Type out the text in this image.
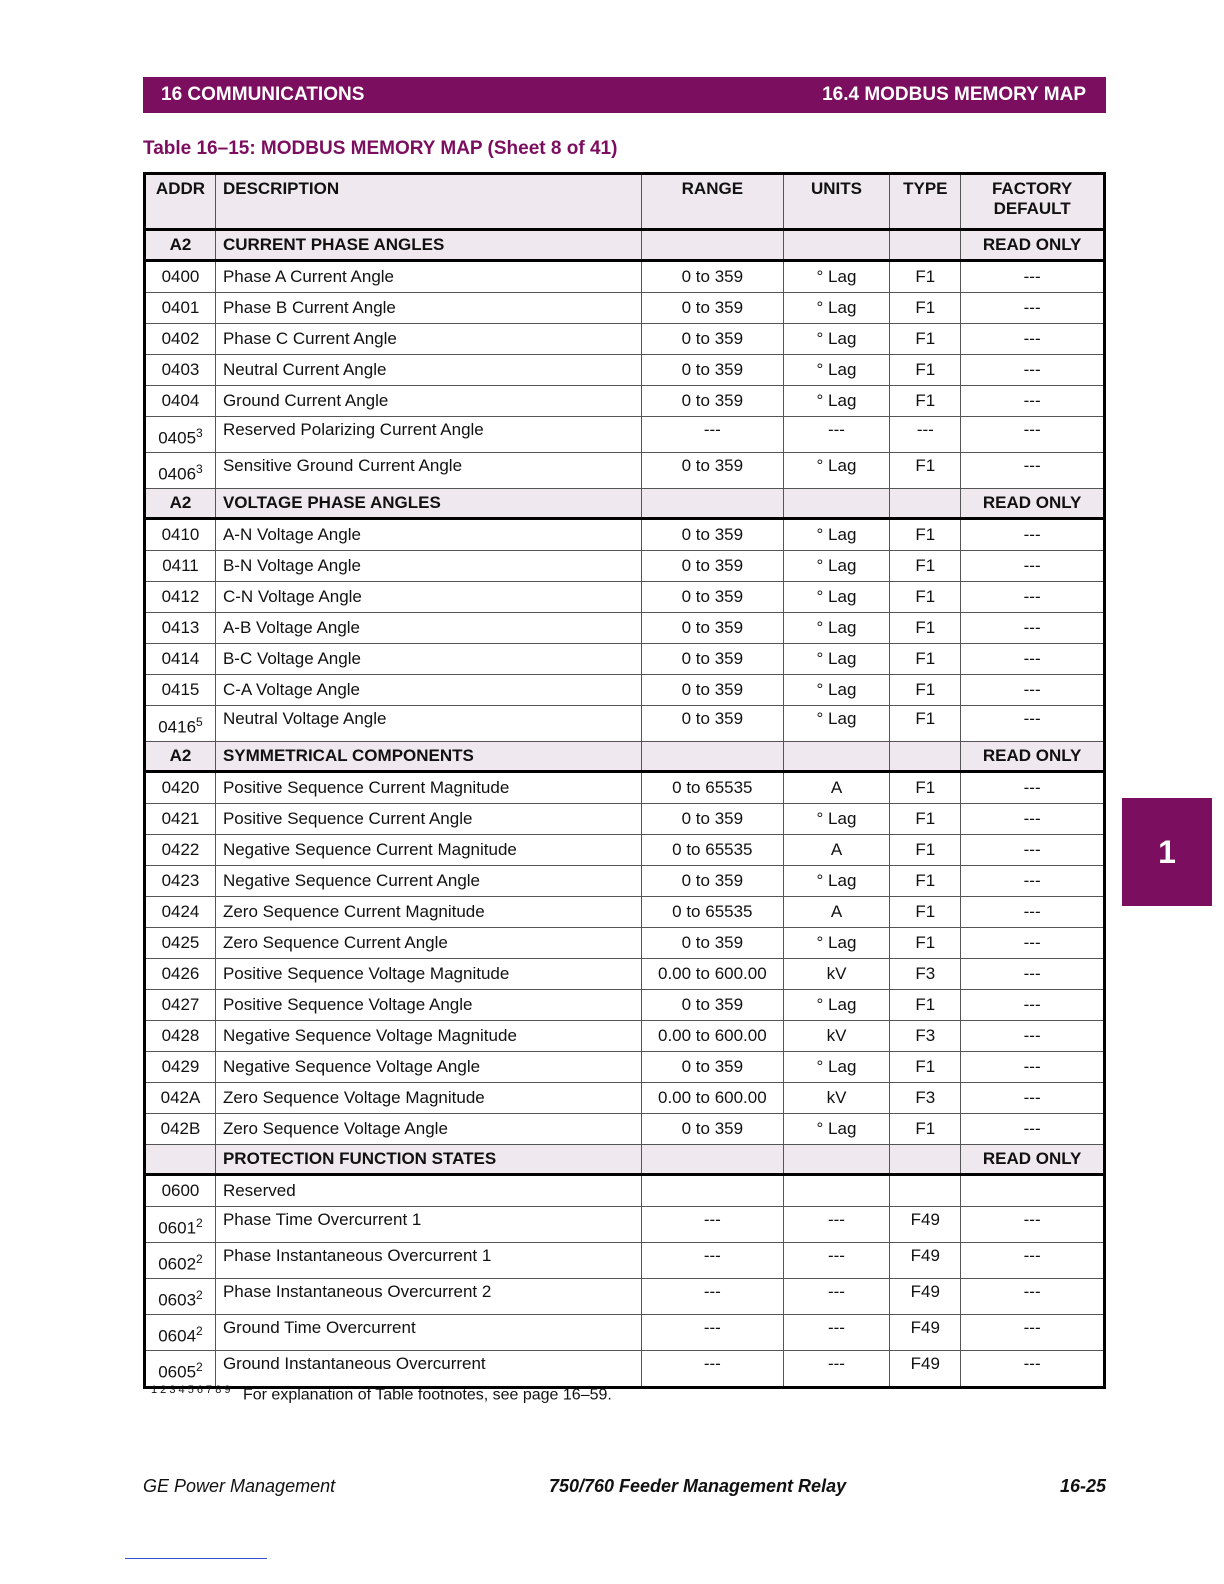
16 COMMUNICATIONS	16.4 MODBUS MEMORY MAP
Table 16–15: MODBUS MEMORY MAP (Sheet 8 of 41)
ADDR	DESCRIPTION	RANGE	UNITS	TYPE	FACTORY DEFAULT
A2	CURRENT PHASE ANGLES				READ ONLY
0400	Phase A Current Angle	0 to 359	° Lag	F1	---
0401	Phase B Current Angle	0 to 359	° Lag	F1	---
0402	Phase C Current Angle	0 to 359	° Lag	F1	---
0403	Neutral Current Angle	0 to 359	° Lag	F1	---
0404	Ground Current Angle	0 to 359	° Lag	F1	---
0405$^3$	Reserved Polarizing Current Angle	---	---	---	---
0406$^3$	Sensitive Ground Current Angle	0 to 359	° Lag	F1	---
A2	VOLTAGE PHASE ANGLES				READ ONLY
0410	A-N Voltage Angle	0 to 359	° Lag	F1	---
0411	B-N Voltage Angle	0 to 359	° Lag	F1	---
0412	C-N Voltage Angle	0 to 359	° Lag	F1	---
0413	A-B Voltage Angle	0 to 359	° Lag	F1	---
0414	B-C Voltage Angle	0 to 359	° Lag	F1	---
0415	C-A Voltage Angle	0 to 359	° Lag	F1	---
0416$^5$	Neutral Voltage Angle	0 to 359	° Lag	F1	---
A2	SYMMETRICAL COMPONENTS				READ ONLY
0420	Positive Sequence Current Magnitude	0 to 65535	A	F1	---
0421	Positive Sequence Current Angle	0 to 359	° Lag	F1	---
0422	Negative Sequence Current Magnitude	0 to 65535	A	F1	---
0423	Negative Sequence Current Angle	0 to 359	° Lag	F1	---
0424	Zero Sequence Current Magnitude	0 to 65535	A	F1	---
0425	Zero Sequence Current Angle	0 to 359	° Lag	F1	---
0426	Positive Sequence Voltage Magnitude	0.00 to 600.00	kV	F3	---
0427	Positive Sequence Voltage Angle	0 to 359	° Lag	F1	---
0428	Negative Sequence Voltage Magnitude	0.00 to 600.00	kV	F3	---
0429	Negative Sequence Voltage Angle	0 to 359	° Lag	F1	---
042A	Zero Sequence Voltage Magnitude	0.00 to 600.00	kV	F3	---
042B	Zero Sequence Voltage Angle	0 to 359	° Lag	F1	---
	PROTECTION FUNCTION STATES				READ ONLY
0600	Reserved				
0601$^2$	Phase Time Overcurrent 1	---	---	F49	---
0602$^2$	Phase Instantaneous Overcurrent 1	---	---	F49	---
0603$^2$	Phase Instantaneous Overcurrent 2	---	---	F49	---
0604$^2$	Ground Time Overcurrent	---	---	F49	---
0605$^2$	Ground Instantaneous Overcurrent	---	---	F49	---
$^{1 2 3 4 5 6 7 8 9}$ For explanation of Table footnotes, see page 16–59.
1
GE Power Management	750/760 Feeder Management Relay	16-25
